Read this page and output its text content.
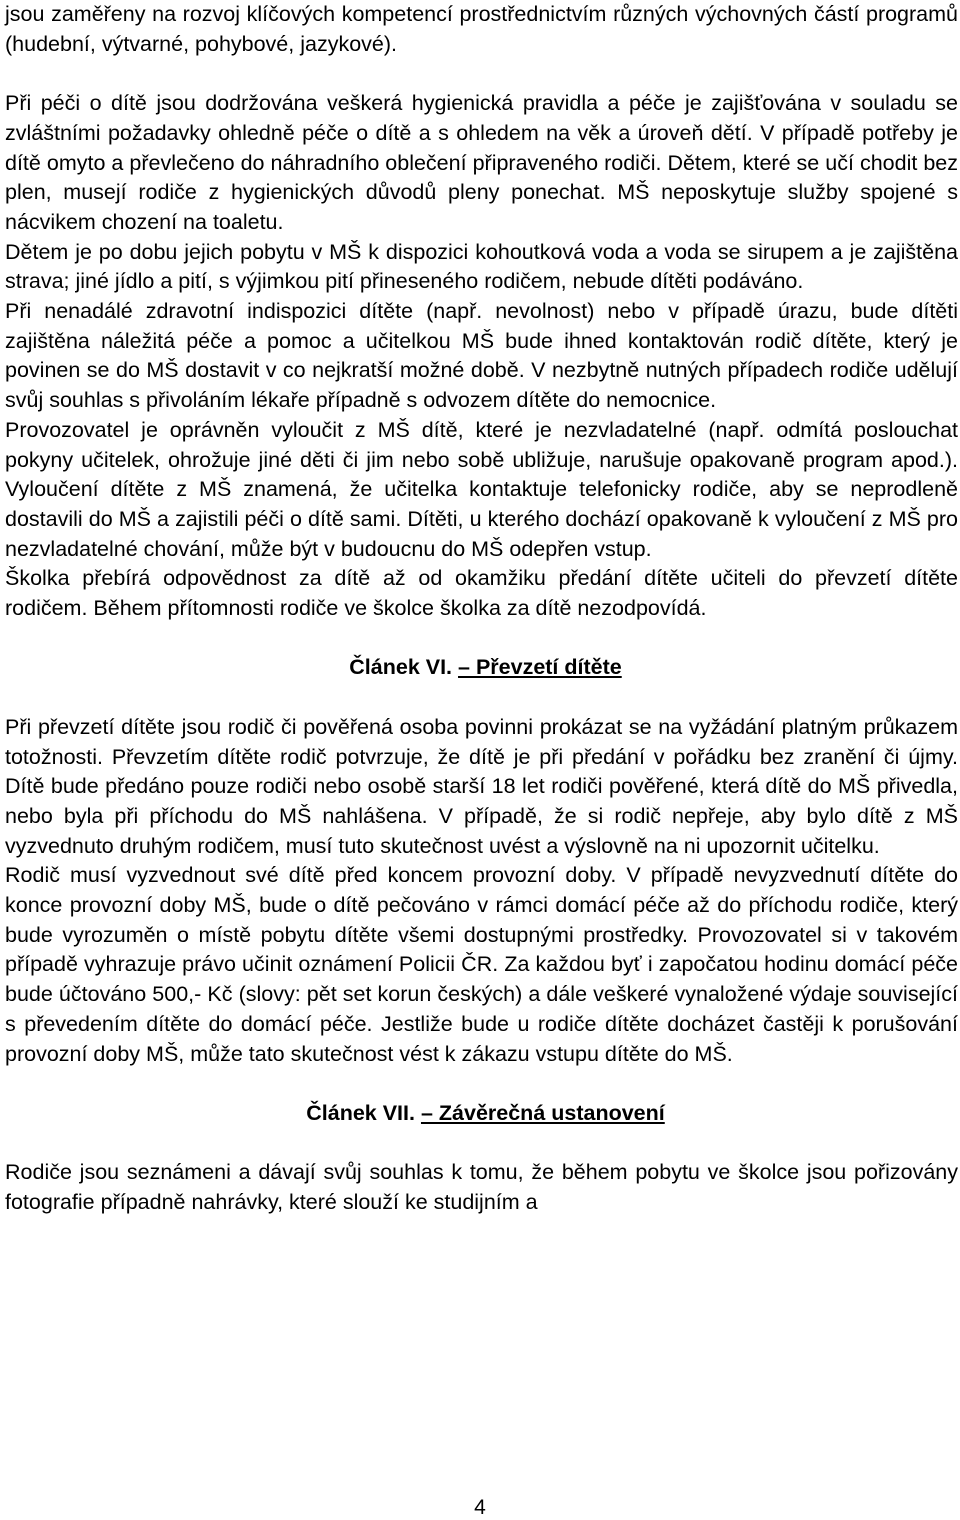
jsou zaměřeny na rozvoj klíčových kompetencí prostřednictvím různých výchovných částí programů (hudební, výtvarné, pohybové, jazykové).

Při péči o dítě jsou dodržována veškerá hygienická pravidla a péče je zajišťována v souladu se zvláštními požadavky ohledně péče o dítě a s ohledem na věk a úroveň dětí. V případě potřeby je dítě omyto a převlečeno do náhradního oblečení připraveného rodiči. Dětem, které se učí chodit bez plen, musejí rodiče z hygienických důvodů pleny ponechat. MŠ neposkytuje služby spojené s nácvikem chození na toaletu.

Dětem je po dobu jejich pobytu v MŠ k dispozici kohoutková voda a voda se sirupem a je zajištěna strava; jiné jídlo a pití, s výjimkou pití přineseného rodičem, nebude dítěti podáváno.

Při nenadálé zdravotní indispozici dítěte (např. nevolnost) nebo v případě úrazu, bude dítěti zajištěna náležitá péče a pomoc a učitelkou MŠ bude ihned kontaktován rodič dítěte, který je povinen se do MŠ dostavit v co nejkratší možné době. V nezbytně nutných případech rodiče udělují svůj souhlas s přivoláním lékaře případně s odvozem dítěte do nemocnice.

Provozovatel je oprávněn vyloučit z MŠ dítě, které je nezvladatelné (např. odmítá poslouchat pokyny učitelek, ohrožuje jiné děti či jim nebo sobě ubližuje, narušuje opakovaně program apod.). Vyloučení dítěte z MŠ znamená, že učitelka kontaktuje telefonicky rodiče, aby se neprodleně dostavili do MŠ a zajistili péči o dítě sami. Dítěti, u kterého dochází opakovaně k vyloučení z MŠ pro nezvladatelné chování, může být v budoucnu do MŠ odepřen vstup.

Školka přebírá odpovědnost za dítě až od okamžiku předání dítěte učiteli do převzetí dítěte rodičem. Během přítomnosti rodiče ve školce školka za dítě nezodpovídá.

Článek VI. – Převzetí dítěte

Při převzetí dítěte jsou rodič či pověřená osoba povinni prokázat se na vyžádání platným průkazem totožnosti. Převzetím dítěte rodič potvrzuje, že dítě je při předání v pořádku bez zranění či újmy. Dítě bude předáno pouze rodiči nebo osobě starší 18 let rodiči pověřené, která dítě do MŠ přivedla, nebo byla při příchodu do MŠ nahlášena. V případě, že si rodič nepřeje, aby bylo dítě z MŠ vyzvednuto druhým rodičem, musí tuto skutečnost uvést a výslovně na ni upozornit učitelku.

Rodič musí vyzvednout své dítě před koncem provozní doby. V případě nevyzvednutí dítěte do konce provozní doby MŠ, bude o dítě pečováno v rámci domácí péče až do příchodu rodiče, který bude vyrozuměn o místě pobytu dítěte všemi dostupnými prostředky. Provozovatel si v takovém případě vyhrazuje právo učinit oznámení Policii ČR. Za každou byť i započatou hodinu domácí péče bude účtováno 500,- Kč (slovy: pět set korun českých) a dále veškeré vynaložené výdaje související s převedením dítěte do domácí péče. Jestliže bude u rodiče dítěte docházet častěji k porušování provozní doby MŠ, může tato skutečnost vést k zákazu vstupu dítěte do MŠ.

Článek VII. – Závěrečná ustanovení

Rodiče jsou seznámeni a dávají svůj souhlas k tomu, že během pobytu ve školce jsou pořizovány fotografie případně nahrávky, které slouží ke studijním a

4
